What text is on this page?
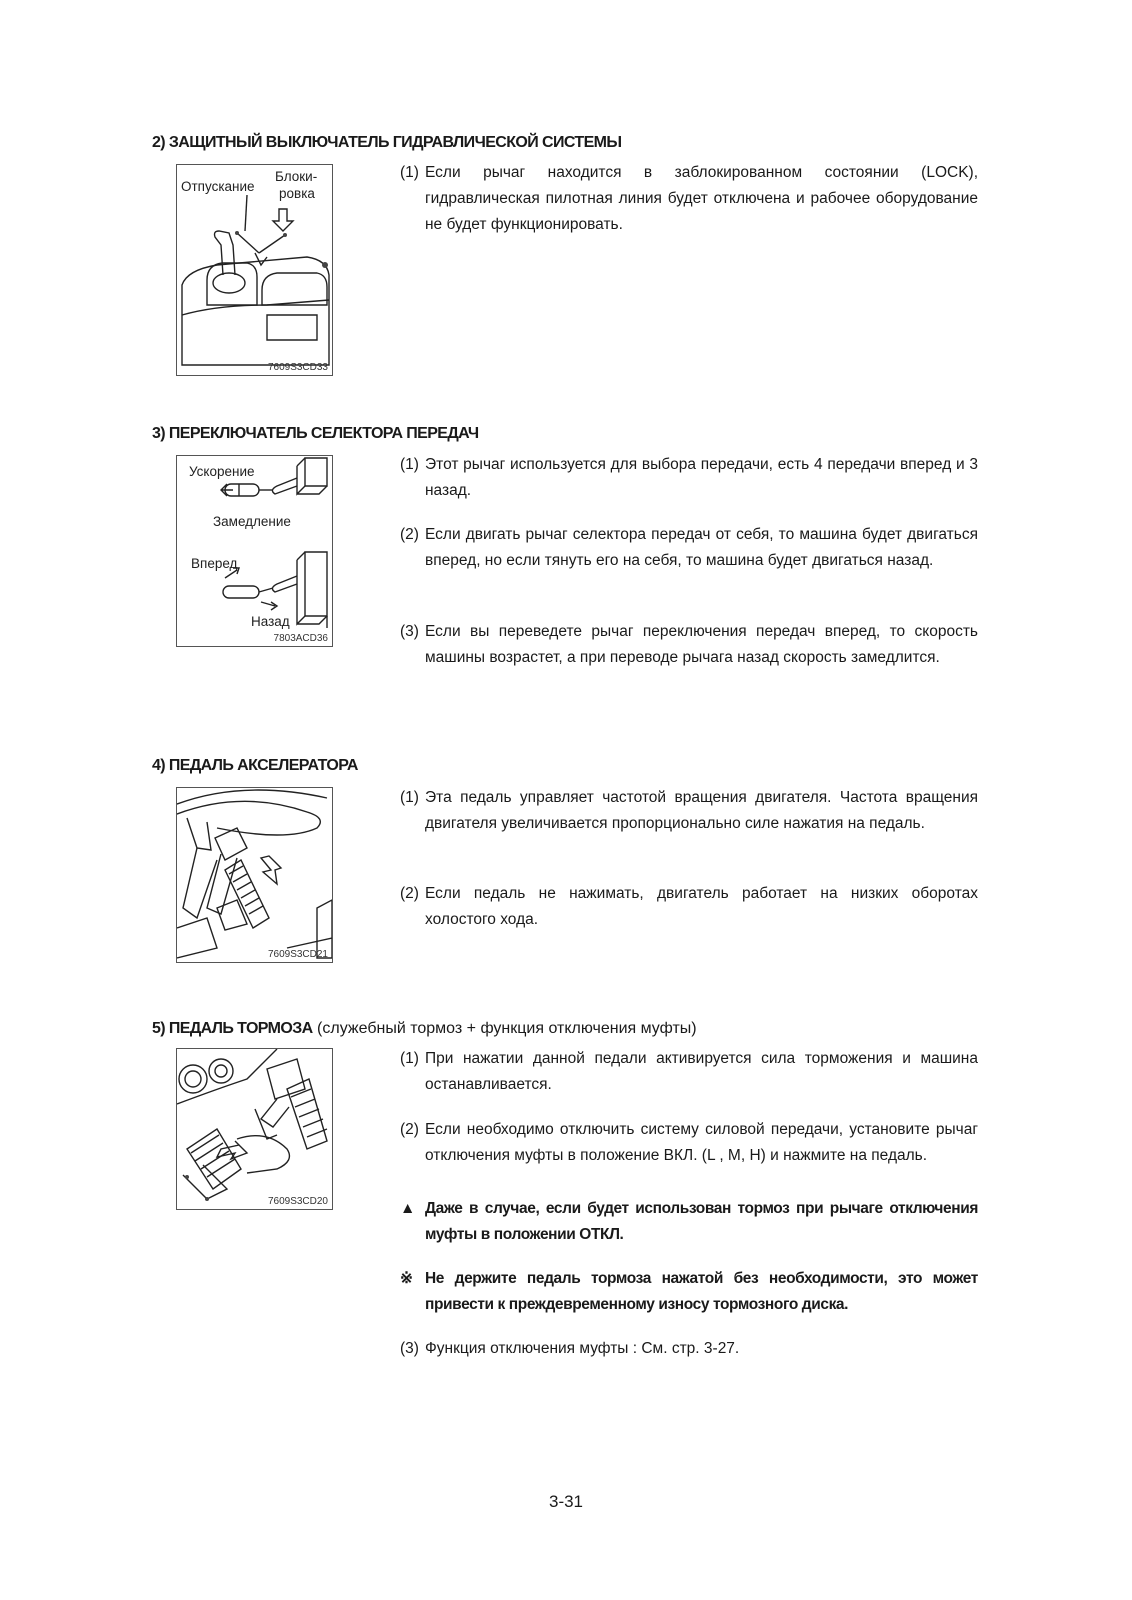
2) ЗАЩИТНЫЙ ВЫКЛЮЧАТЕЛЬ ГИДРАВЛИЧЕСКОЙ СИСТЕМЫ
Отпускание
Блоки-
ровка
7609S3CD33
(1) Если рычаг находится в заблокированном состоянии (LOCK), гидравлическая пилотная линия будет отключена и рабочее оборудование не будет функционировать.
3) ПЕРЕКЛЮЧАТЕЛЬ СЕЛЕКТОРА ПЕРЕДАЧ
Ускорение
Замедление
Вперед
Назад
7803ACD36
(1) Этот рычаг используется для выбора передачи, есть 4 передачи вперед и 3 назад.
(2) Если двигать рычаг селектора передач от себя, то машина будет двигаться вперед, но если тянуть его на себя, то машина будет двигаться назад.
(3) Если вы переведете рычаг переключения передач вперед, то скорость машины возрастет, а при переводе рычага назад скорость замедлится.
4) ПЕДАЛЬ АКСЕЛЕРАТОРА
7609S3CD21
(1) Эта педаль управляет частотой вращения двигателя. Частота вращения двигателя увеличивается пропорционально силе нажатия на педаль.
(2) Если педаль не нажимать, двигатель работает на низких оборотах холостого хода.
5) ПЕДАЛЬ ТОРМОЗА (служебный тормоз + функция отключения муфты)
7609S3CD20
(1) При нажатии данной педали активируется сила торможения и машина останавливается.
(2) Если необходимо отключить систему силовой передачи, установите рычаг отключения муфты в положение ВКЛ. (L , M, H) и нажмите на педаль.
▲ Даже в случае, если будет использован тормоз при рычаге отключения муфты в положении ОТКЛ.
※ Не держите педаль тормоза нажатой без необходимости, это может привести к преждевременному износу тормозного диска.
(3) Функция отключения муфты : См. стр. 3-27.
3-31
